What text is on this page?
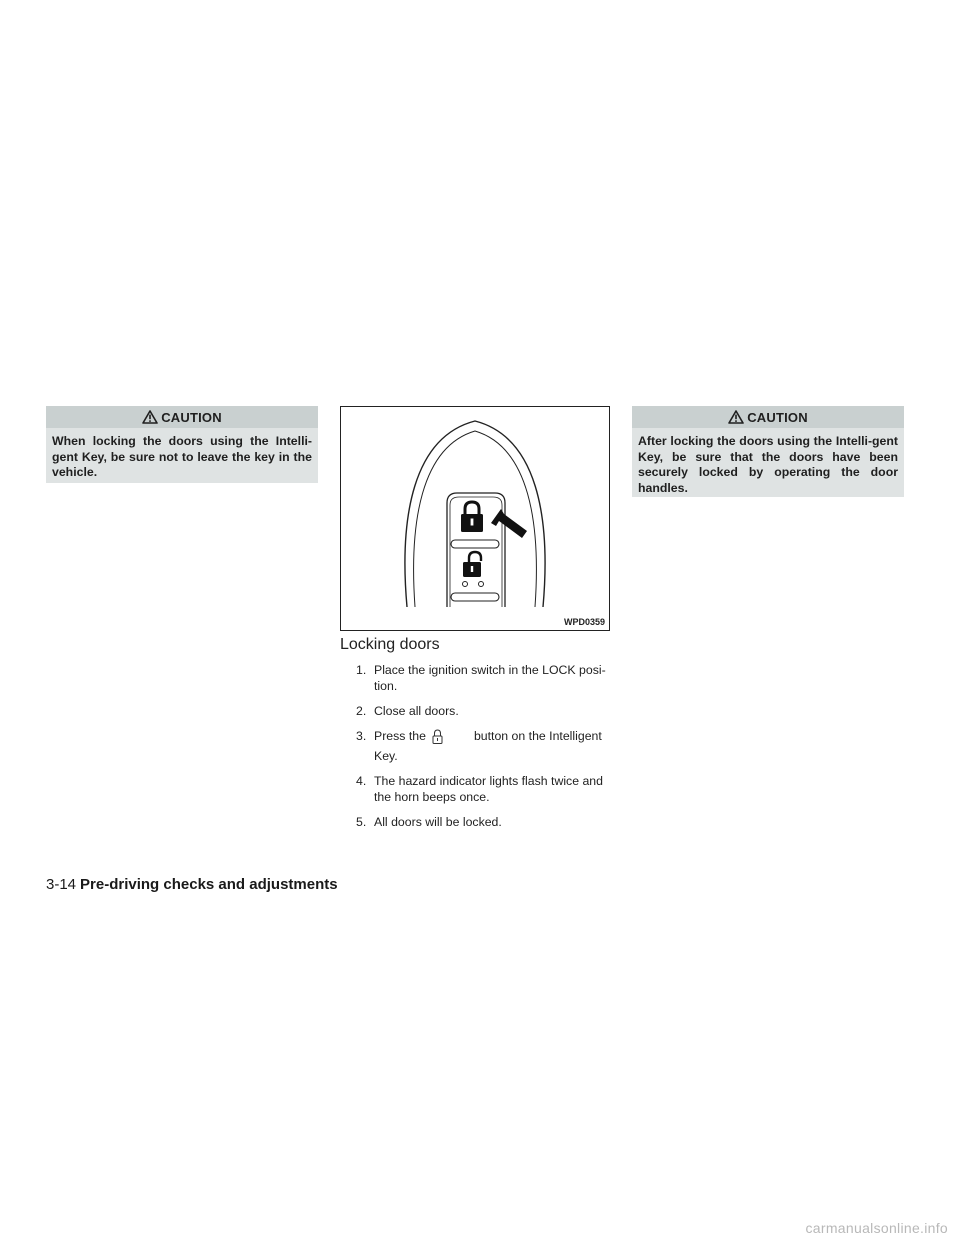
CAUTION
When locking the doors using the Intelli-gent Key, be sure not to leave the key in the vehicle.
WPD0359
CAUTION
After locking the doors using the Intelli-gent Key, be sure that the doors have been securely locked by operating the door handles.
Locking doors
1. Place the ignition switch in the LOCK posi-tion.
2. Close all doors.
3. Press the	button on the Intelligent Key.
4. The hazard indicator lights flash twice and the horn beeps once.
5. All doors will be locked.
3-14 Pre-driving checks and adjustments
carmanualsonline.info
